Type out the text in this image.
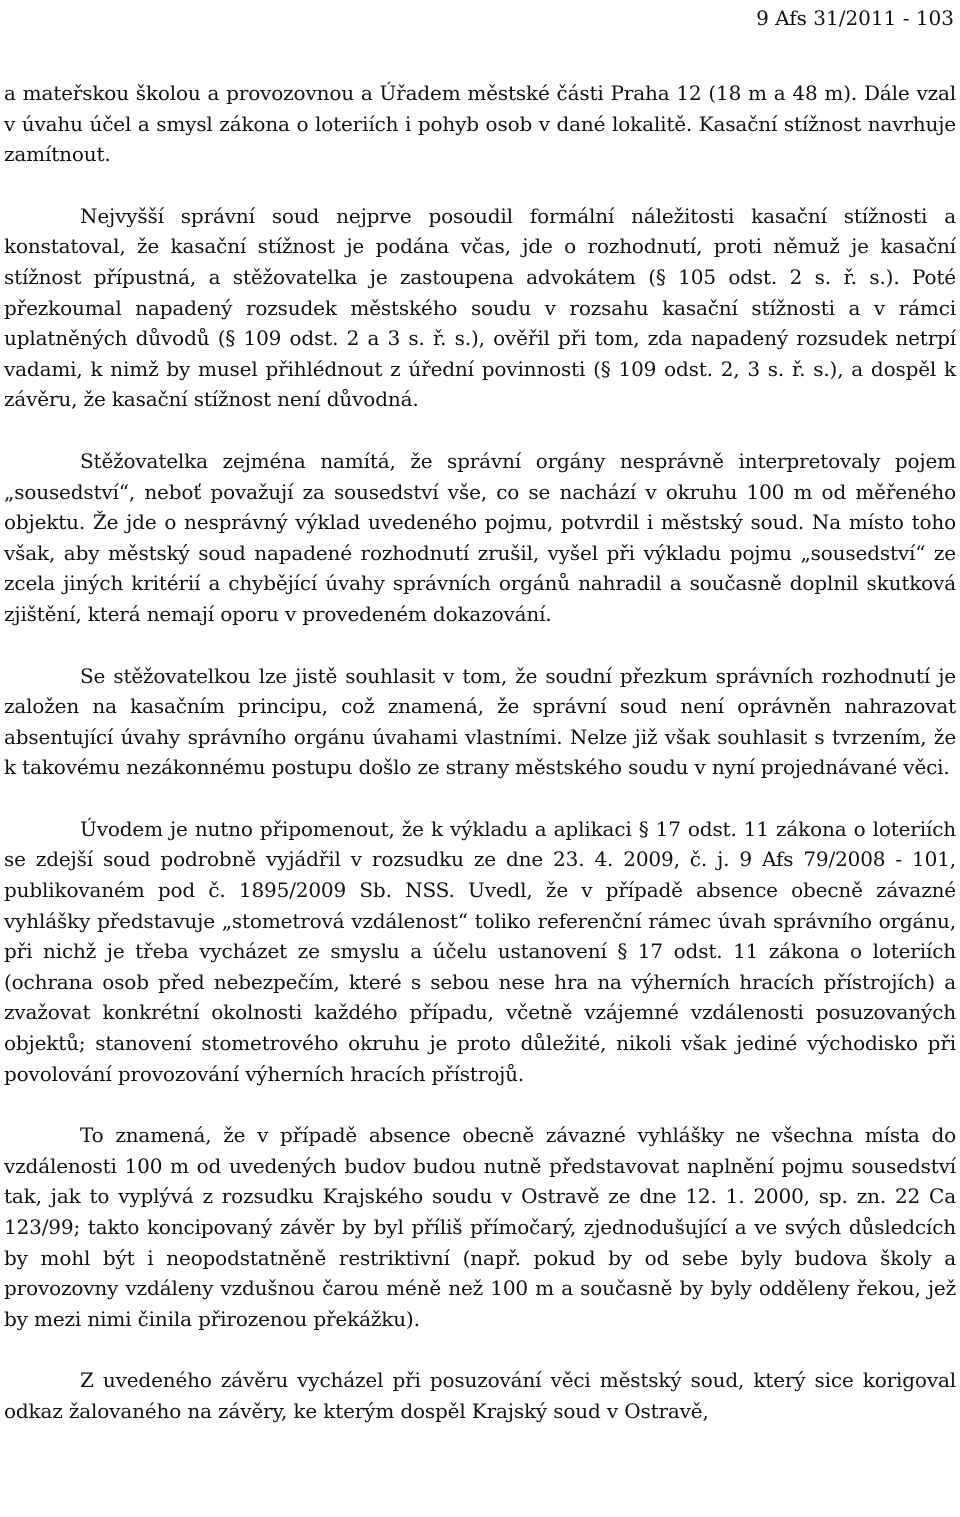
9 Afs 31/2011 - 103

a mateřskou školou a provozovnou a Úřadem městské části Praha 12 (18 m a 48 m). Dále vzal v úvahu účel a smysl zákona o loteriích i pohyb osob v dané lokalitě. Kasační stížnost navrhuje zamítnout.

Nejvyšší správní soud nejprve posoudil formální náležitosti kasační stížnosti a konstatoval, že kasační stížnost je podána včas, jde o rozhodnutí, proti němuž je kasační stížnost přípustná, a stěžovatelka je zastoupena advokátem (§ 105 odst. 2 s. ř. s.). Poté přezkoumal napadený rozsudek městského soudu v rozsahu kasační stížnosti a v rámci uplatněných důvodů (§ 109 odst. 2 a 3 s. ř. s.), ověřil při tom, zda napadený rozsudek netrpí vadami, k nimž by musel přihlédnout z úřední povinnosti (§ 109 odst. 2, 3 s. ř. s.), a dospěl k závěru, že kasační stížnost není důvodná.

Stěžovatelka zejména namítá, že správní orgány nesprávně interpretovaly pojem „sousedství“, neboť považují za sousedství vše, co se nachází v okruhu 100 m od měřeného objektu. Že jde o nesprávný výklad uvedeného pojmu, potvrdil i městský soud. Na místo toho však, aby městský soud napadené rozhodnutí zrušil, vyšel při výkladu pojmu „sousedství“ ze zcela jiných kritérií a chybějící úvahy správních orgánů nahradil a současně doplnil skutková zjištění, která nemají oporu v provedeném dokazování.

Se stěžovatelkou lze jistě souhlasit v tom, že soudní přezkum správních rozhodnutí je založen na kasačním principu, což znamená, že správní soud není oprávněn nahrazovat absentující úvahy správního orgánu úvahami vlastními. Nelze již však souhlasit s tvrzením, že k takovému nezákonnému postupu došlo ze strany městského soudu v nyní projednávané věci.

Úvodem je nutno připomenout, že k výkladu a aplikaci § 17 odst. 11 zákona o loteriích se zdejší soud podrobně vyjádřil v rozsudku ze dne 23. 4. 2009, č. j. 9 Afs 79/2008 - 101, publikovaném pod č. 1895/2009 Sb. NSS. Uvedl, že v případě absence obecně závazné vyhlášky představuje „stometrová vzdálenost“ toliko referenční rámec úvah správního orgánu, při nichž je třeba vycházet ze smyslu a účelu ustanovení § 17 odst. 11 zákona o loteriích (ochrana osob před nebezpečím, které s sebou nese hra na výherních hracích přístrojích) a zvažovat konkrétní okolnosti každého případu, včetně vzájemné vzdálenosti posuzovaných objektů; stanovení stometrového okruhu je proto důležité, nikoli však jediné východisko při povolování provozování výherních hracích přístrojů.

To znamená, že v případě absence obecně závazné vyhlášky ne všechna místa do vzdálenosti 100 m od uvedených budov budou nutně představovat naplnění pojmu sousedství tak, jak to vyplývá z rozsudku Krajského soudu v Ostravě ze dne 12. 1. 2000, sp. zn. 22 Ca 123/99; takto koncipovaný závěr by byl příliš přímočarý, zjednodušující a ve svých důsledcích by mohl být i neopodstatněně restriktivní (např. pokud by od sebe byly budova školy a provozovny vzdáleny vzdušnou čarou méně než 100 m a současně by byly odděleny řekou, jež by mezi nimi činila přirozenou překážku).

Z uvedeného závěru vycházel při posuzování věci městský soud, který sice korigoval odkaz žalovaného na závěry, ke kterým dospěl Krajský soud v Ostravě,
